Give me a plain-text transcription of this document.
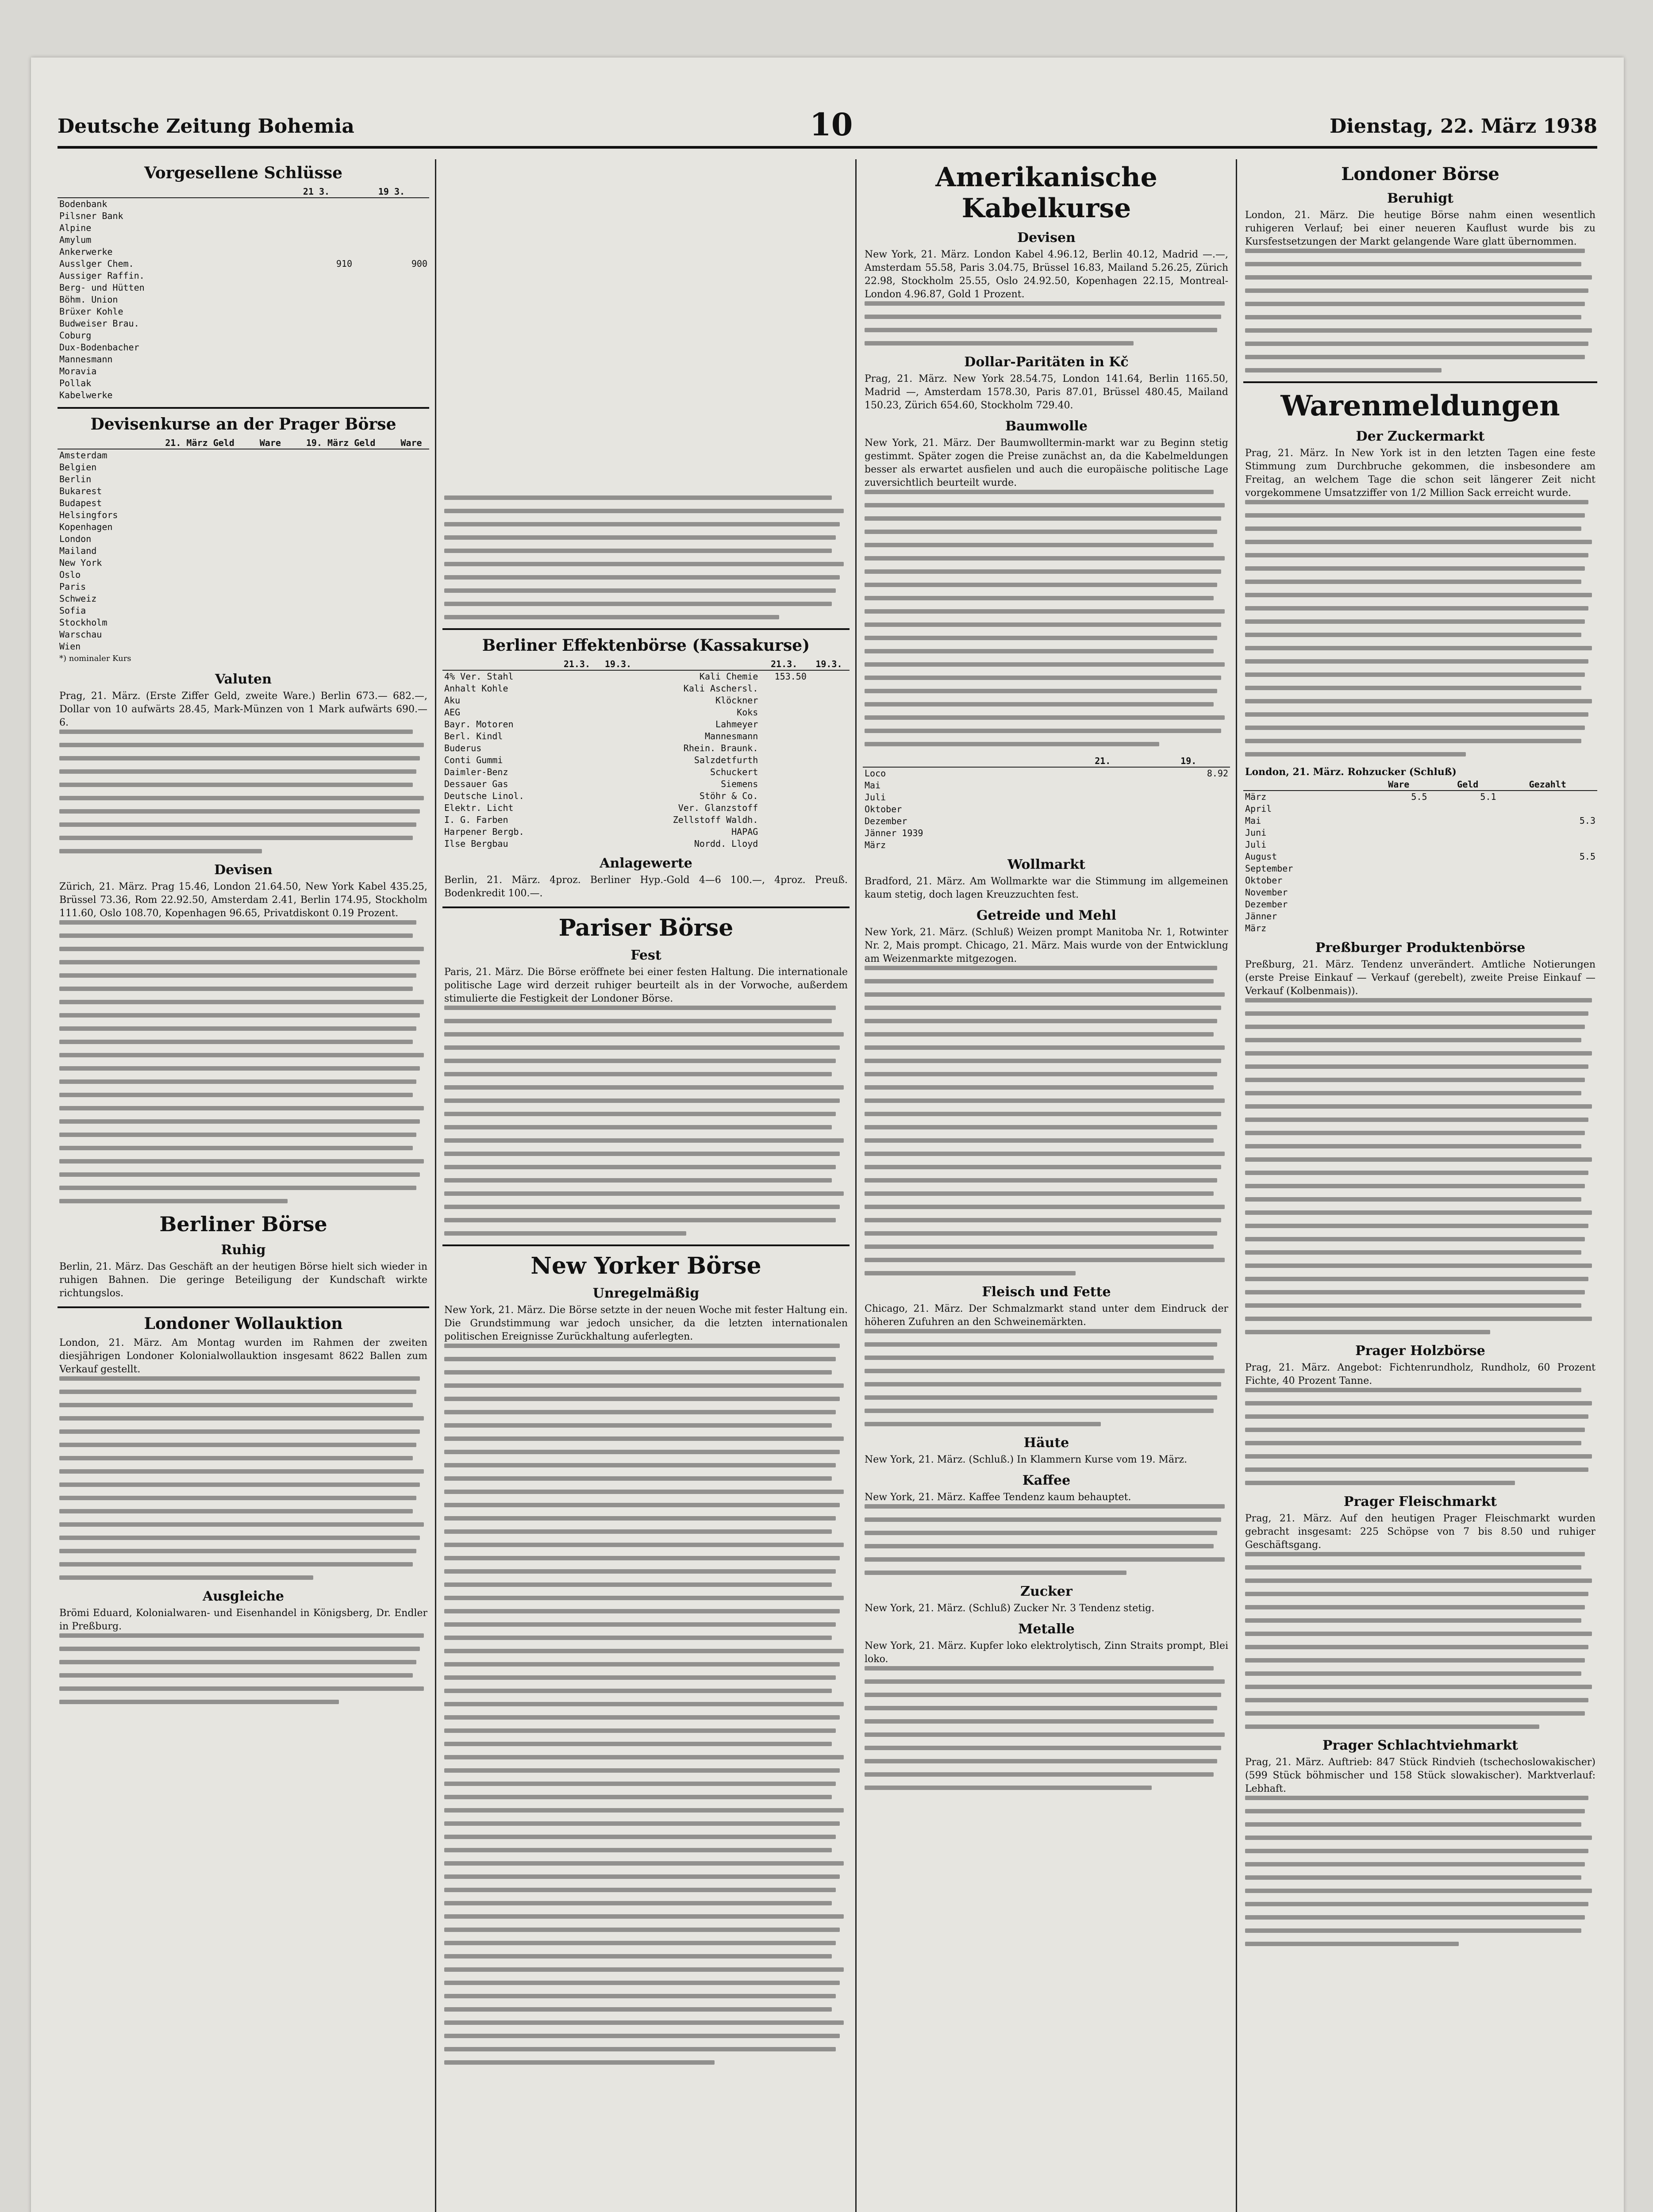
Deutsche Zeitung Bohemia	10	Dienstag, 22. März 1938
Vorgesellene Schlüsse
	21 3.	19 3.
Bodenbank		
Pilsner Bank		
Alpine		
Amylum		
Ankerwerke		
Ausslger Chem.	910	900
Aussiger Raffin.		
Berg- und Hütten		
Böhm. Union		
Brüxer Kohle		
Budweiser Brau.		
Coburg		
Dux-Bodenbacher		
Mannesmann		
Moravia		
Pollak		
Kabelwerke		
Devisenkurse an der Prager Börse
	21. März Geld	Ware	19. März Geld	Ware
Amsterdam				
Belgien				
Berlin				
Bukarest				
Budapest				
Helsingfors				
Kopenhagen				
London				
Mailand				
New York				
Oslo				
Paris				
Schweiz				
Sofia				
Stockholm				
Warschau				
Wien				
*) nominaler Kurs
Valuten
Prag, 21. März. (Erste Ziffer Geld, zweite Ware.) Berlin 673.— 682.—, Dollar von 10 aufwärts 28.45, Mark-Münzen von 1 Mark aufwärts 690.— 6.
Devisen
Zürich, 21. März. Prag 15.46, London 21.64.50, New York Kabel 435.25, Brüssel 73.36, Rom 22.92.50, Amsterdam 2.41, Berlin 174.95, Stockholm 111.60, Oslo 108.70, Kopenhagen 96.65, Privatdiskont 0.19 Prozent.
Berliner Börse
Ruhig
Berlin, 21. März. Das Geschäft an der heutigen Börse hielt sich wieder in ruhigen Bahnen. Die geringe Beteiligung der Kundschaft wirkte richtungslos.
Londoner Wollauktion
London, 21. März. Am Montag wurden im Rahmen der zweiten diesjährigen Londoner Kolonialwollauktion insgesamt 8622 Ballen zum Verkauf gestellt.
Ausgleiche
Brömi Eduard, Kolonialwaren- und Eisenhandel in Königsberg, Dr. Endler in Preßburg.
Berliner Effektenbörse (Kassakurse)
	21.3.	19.3.		21.3.	19.3.
4% Ver. Stahl			Kali Chemie	153.50	
Anhalt Kohle			Kali Aschersl.		
Aku			Klöckner		
AEG			Koks		
Bayr. Motoren			Lahmeyer		
Berl. Kindl			Mannesmann		
Buderus			Rhein. Braunk.		
Conti Gummi			Salzdetfurth		
Daimler-Benz			Schuckert		
Dessauer Gas			Siemens		
Deutsche Linol.			Stöhr & Co.		
Elektr. Licht			Ver. Glanzstoff		
I. G. Farben			Zellstoff Waldh.		
Harpener Bergb.			HAPAG		
Ilse Bergbau			Nordd. Lloyd		
Anlagewerte
Berlin, 21. März. 4proz. Berliner Hyp.-Gold 4—6 100.—, 4proz. Preuß. Bodenkredit 100.—.
Pariser Börse
Fest
Paris, 21. März. Die Börse eröffnete bei einer festen Haltung. Die internationale politische Lage wird derzeit ruhiger beurteilt als in der Vorwoche, außerdem stimulierte die Festigkeit der Londoner Börse.
New Yorker Börse
Unregelmäßig
New York, 21. März. Die Börse setzte in der neuen Woche mit fester Haltung ein. Die Grundstimmung war jedoch unsicher, da die letzten internationalen politischen Ereignisse Zurückhaltung auferlegten.
Amerikanische Kabelkurse
Devisen
New York, 21. März. London Kabel 4.96.12, Berlin 40.12, Madrid —.—, Amsterdam 55.58, Paris 3.04.75, Brüssel 16.83, Mailand 5.26.25, Zürich 22.98, Stockholm 25.55, Oslo 24.92.50, Kopenhagen 22.15, Montreal-London 4.96.87, Gold 1 Prozent.
Dollar-Paritäten in Kč
Prag, 21. März. New York 28.54.75, London 141.64, Berlin 1165.50, Madrid —, Amsterdam 1578.30, Paris 87.01, Brüssel 480.45, Mailand 150.23, Zürich 654.60, Stockholm 729.40.
Baumwolle
New York, 21. März. Der Baumwolltermin-markt war zu Beginn stetig gestimmt. Später zogen die Preise zunächst an, da die Kabelmeldungen besser als erwartet ausfielen und auch die europäische politische Lage zuversichtlich beurteilt wurde.
	21.		19.
Loco			8.92
Mai			
Juli			
Oktober			
Dezember			
Jänner 1939			
März			
Wollmarkt
Bradford, 21. März. Am Wollmarkte war die Stimmung im allgemeinen kaum stetig, doch lagen Kreuzzuchten fest.
Getreide und Mehl
New York, 21. März. (Schluß) Weizen prompt Manitoba Nr. 1, Rotwinter Nr. 2, Mais prompt. Chicago, 21. März. Mais wurde von der Entwicklung am Weizenmarkte mitgezogen.
Fleisch und Fette
Chicago, 21. März. Der Schmalzmarkt stand unter dem Eindruck der höheren Zufuhren an den Schweinemärkten.
Häute
New York, 21. März. (Schluß.) In Klammern Kurse vom 19. März.
Kaffee
New York, 21. März. Kaffee Tendenz kaum behauptet.
Zucker
New York, 21. März. (Schluß) Zucker Nr. 3 Tendenz stetig.
Metalle
New York, 21. März. Kupfer loko elektrolytisch, Zinn Straits prompt, Blei loko.
Londoner Börse
Beruhigt
London, 21. März. Die heutige Börse nahm einen wesentlich ruhigeren Verlauf; bei einer neueren Kauflust wurde bis zu Kursfestsetzungen der Markt gelangende Ware glatt übernommen.
Warenmeldungen
Der Zuckermarkt
Prag, 21. März. In New York ist in den letzten Tagen eine feste Stimmung zum Durchbruche gekommen, die insbesondere am Freitag, an welchem Tage die schon seit längerer Zeit nicht vorgekommene Umsatzziffer von 1/2 Million Sack erreicht wurde.
London, 21. März. Rohzucker (Schluß)
	Ware		Geld	Gezahlt
März	5.5		5.1	
April				
Mai				5.3
Juni				
Juli				
August				5.5
September				
Oktober				
November				
Dezember				
Jänner				
März				
Preßburger Produktenbörse
Preßburg, 21. März. Tendenz unverändert. Amtliche Notierungen (erste Preise Einkauf — Verkauf (gerebelt), zweite Preise Einkauf — Verkauf (Kolbenmais)).
Prager Holzbörse
Prag, 21. März. Angebot: Fichtenrundholz, Rundholz, 60 Prozent Fichte, 40 Prozent Tanne.
Prager Fleischmarkt
Prag, 21. März. Auf den heutigen Prager Fleischmarkt wurden gebracht insgesamt: 225 Schöpse von 7 bis 8.50 und ruhiger Geschäftsgang.
Prager Schlachtviehmarkt
Prag, 21. März. Auftrieb: 847 Stück Rindvieh (tschechoslowakischer) (599 Stück böhmischer und 158 Stück slowakischer). Marktverlauf: Lebhaft.
